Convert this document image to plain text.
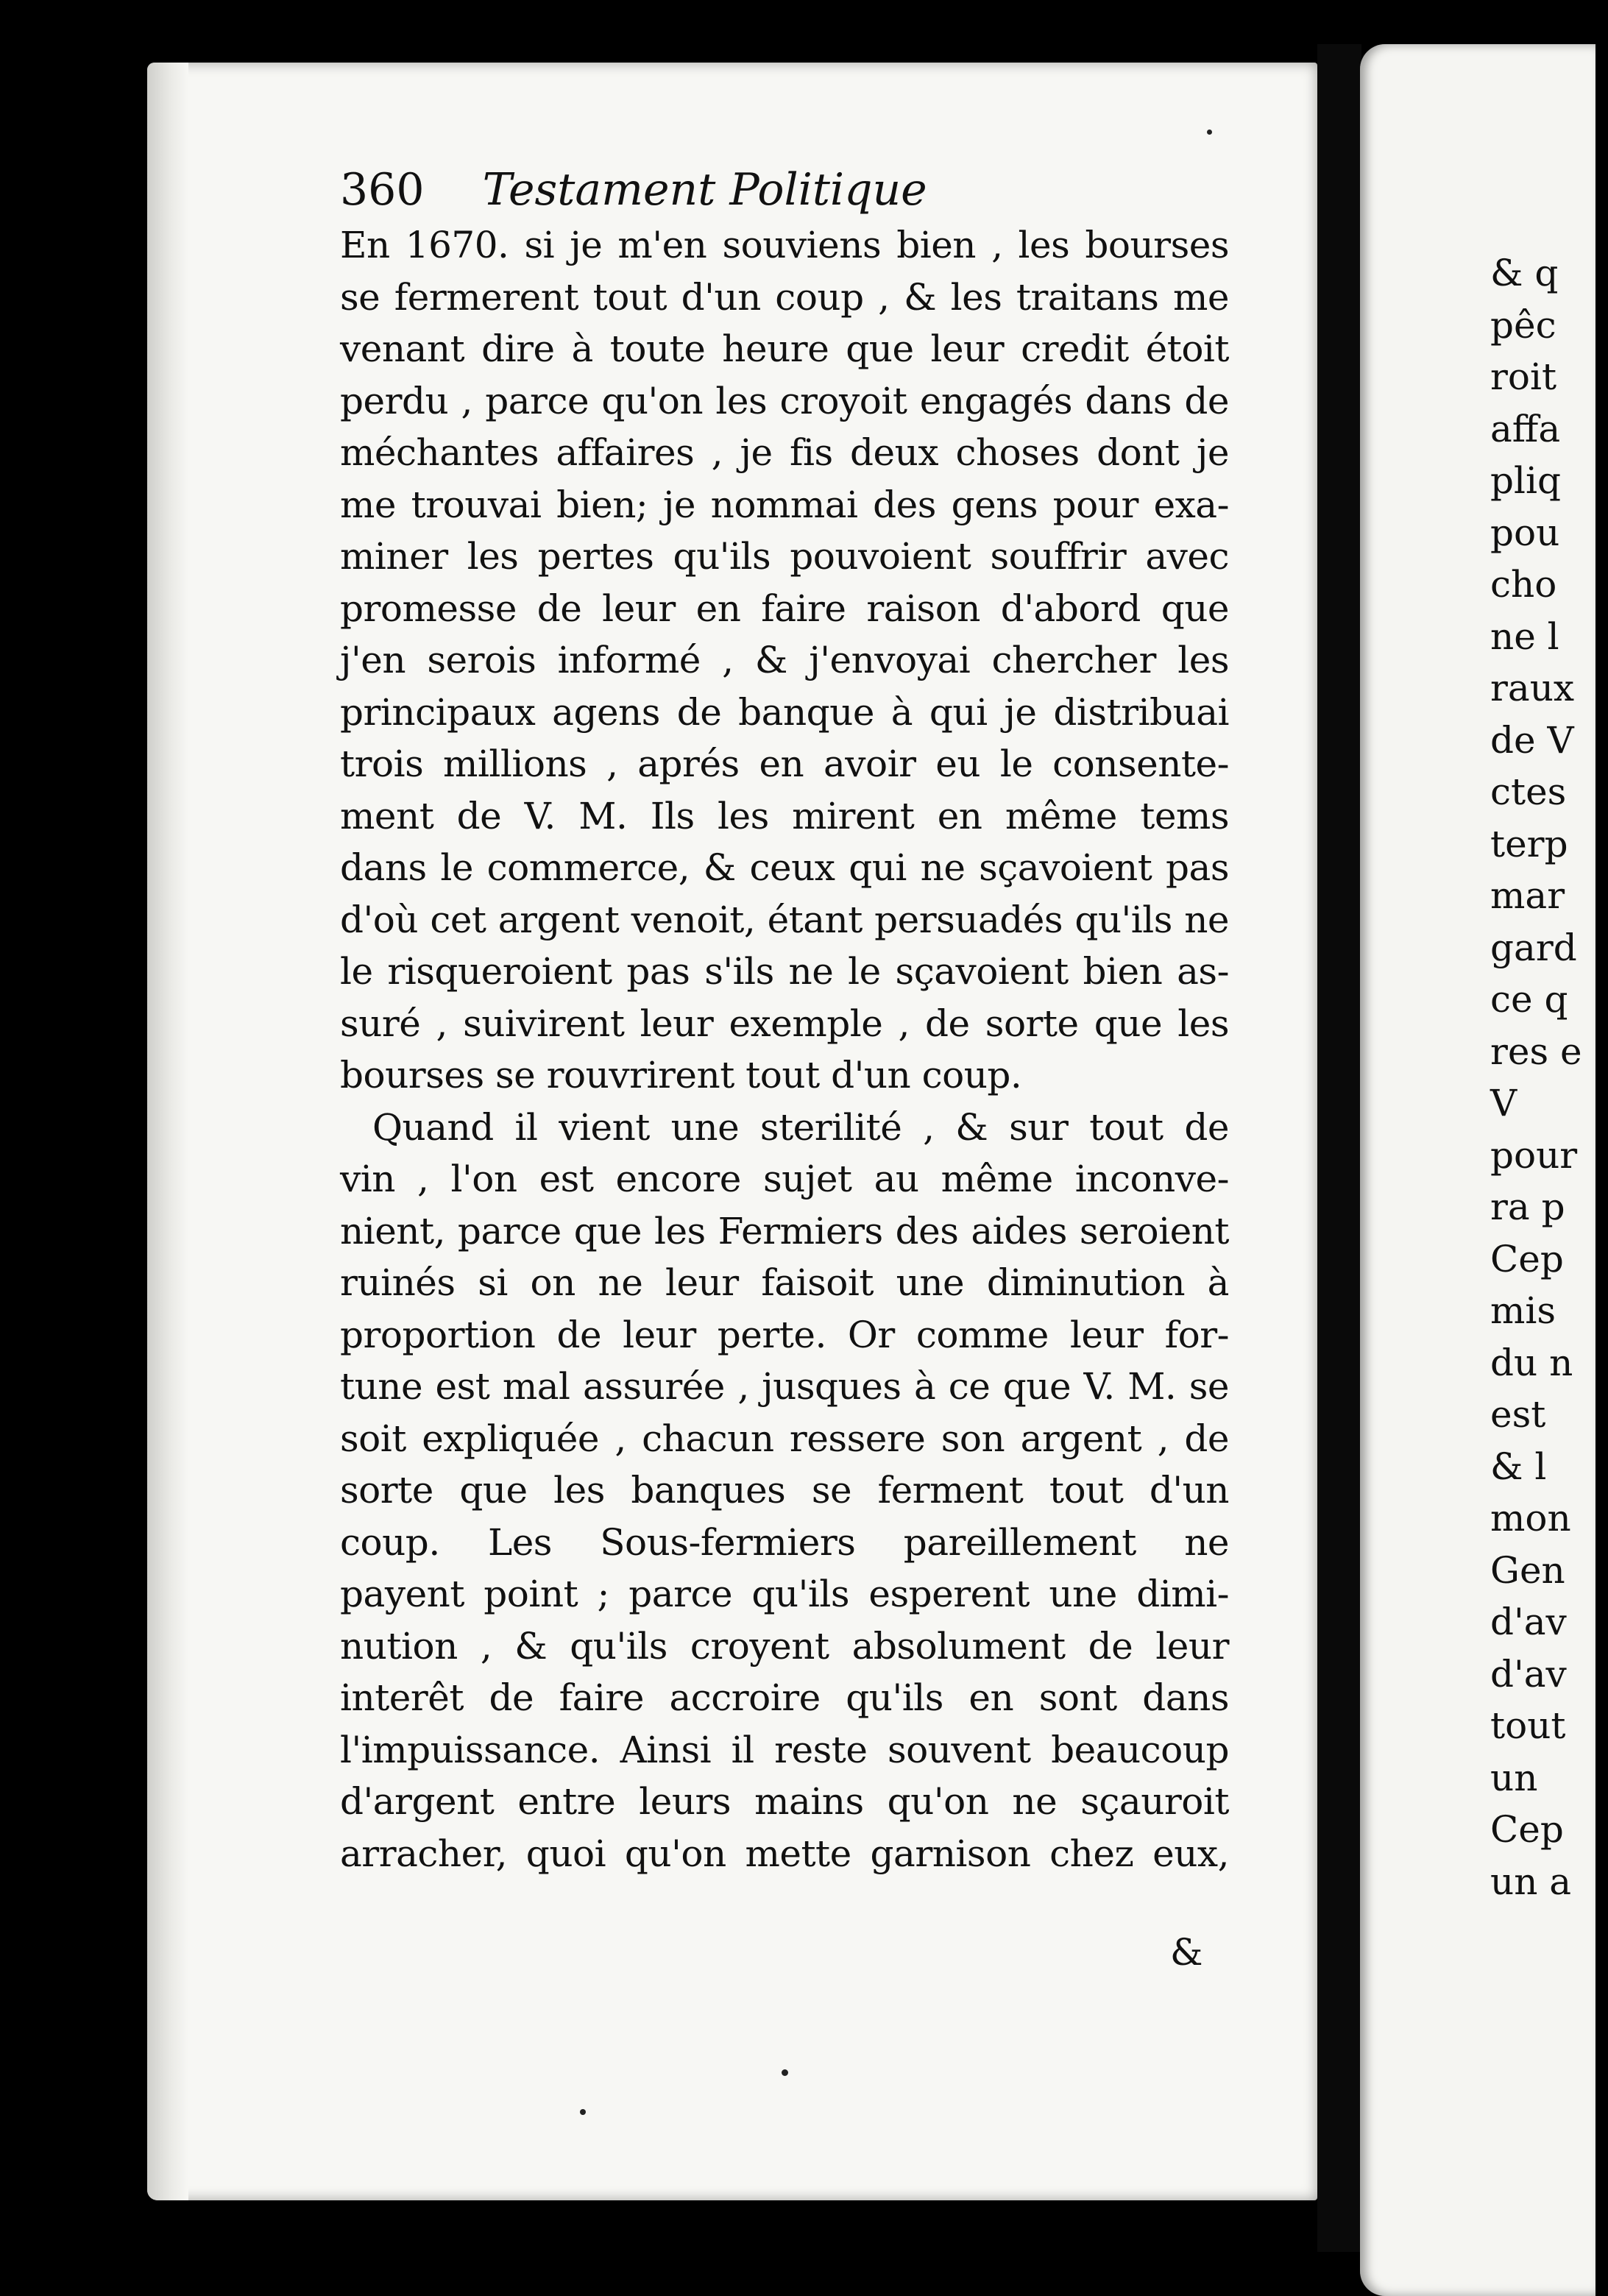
360 Testament Politique
En 1670. si je m'en souviens bien , les bourses
se fermerent tout d'un coup , & les traitans me
venant dire à toute heure que leur credit étoit
perdu , parce qu'on les croyoit engagés dans de
méchantes affaires , je fis deux choses dont je
me trouvai bien; je nommai des gens pour exa-
miner les pertes qu'ils pouvoient souffrir avec
promesse de leur en faire raison d'abord que
j'en serois informé , & j'envoyai chercher les
principaux agens de banque à qui je distribuai
trois millions , aprés en avoir eu le consente-
ment de V. M. Ils les mirent en même tems
dans le commerce, & ceux qui ne sçavoient pas
d'où cet argent venoit, étant persuadés qu'ils ne
le risqueroient pas s'ils ne le sçavoient bien as-
suré , suivirent leur exemple , de sorte que les
bourses se rouvrirent tout d'un coup.
Quand il vient une sterilité , & sur tout de
vin , l'on est encore sujet au même inconve-
nient, parce que les Fermiers des aides seroient
ruinés si on ne leur faisoit une diminution à
proportion de leur perte. Or comme leur for-
tune est mal assurée , jusques à ce que V. M. se
soit expliquée , chacun ressere son argent , de
sorte que les banques se ferment tout d'un
coup. Les Sous-fermiers pareillement ne
payent point ; parce qu'ils esperent une dimi-
nution , & qu'ils croyent absolument de leur
interêt de faire accroire qu'ils en sont dans
l'impuissance. Ainsi il reste souvent beaucoup
d'argent entre leurs mains qu'on ne sçauroit
arracher, quoi qu'on mette garnison chez eux,
&
& q
pêc
roit
affa
pliq
pou
cho
ne l
raux
de V
ctes
terp
mar
gard
ce q
res e
V
pour
ra p
Cep
mis
du n
est
& l
mon
Gen
d'av
d'av
tout
un
Cep
un a
